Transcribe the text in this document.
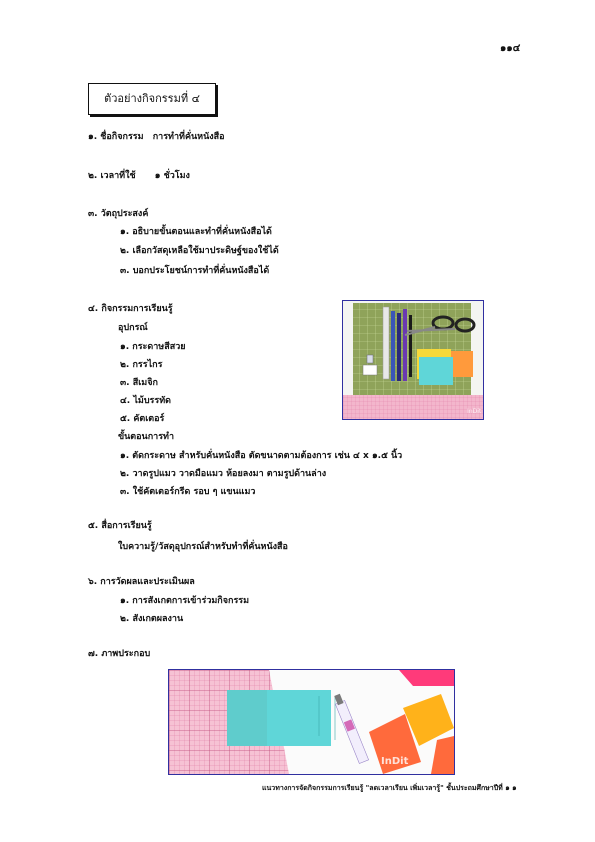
๑๑๔
ตัวอย่างกิจกรรมที่ ๔
๑. ชื่อกิจกรรม การทำที่คั่นหนังสือ
๒. เวลาที่ใช้ ๑ ชั่วโมง
๓. วัตถุประสงค์
๑. อธิบายขั้นตอนและทำที่คั่นหนังสือได้
๒. เลือกวัสดุเหลือใช้มาประดิษฐ์ของใช้ได้
๓. บอกประโยชน์การทำที่คั่นหนังสือได้
๔. กิจกรรมการเรียนรู้
อุปกรณ์
๑. กระดาษสีสวย
๒. กรรไกร
๓. สีเมจิก
๔. ไม้บรรทัด
๕. คัตเตอร์
ขั้นตอนการทำ
๑. ตัดกระดาษ สำหรับคั่นหนังสือ ตัดขนาดตามต้องการ เช่น ๔ x ๑.๕ นิ้ว
๒. วาดรูปแมว วาดมือแมว ห้อยลงมา ตามรูปด้านล่าง
๓. ใช้คัตเตอร์กรีด รอบ ๆ แขนแมว
๕. สื่อการเรียนรู้
ใบความรู้/วัสดุอุปกรณ์สำหรับทำที่คั่นหนังสือ
๖. การวัดผลและประเมินผล
๑. การสังเกตการเข้าร่วมกิจกรรม
๒. สังเกตผลงาน
๗. ภาพประกอบ
InDit
InDit
แนวทางการจัดกิจกรรมการเรียนรู้ "ลดเวลาเรียน เพิ่มเวลารู้" ชั้นประถมศึกษาปีที่ ๑ ๑
